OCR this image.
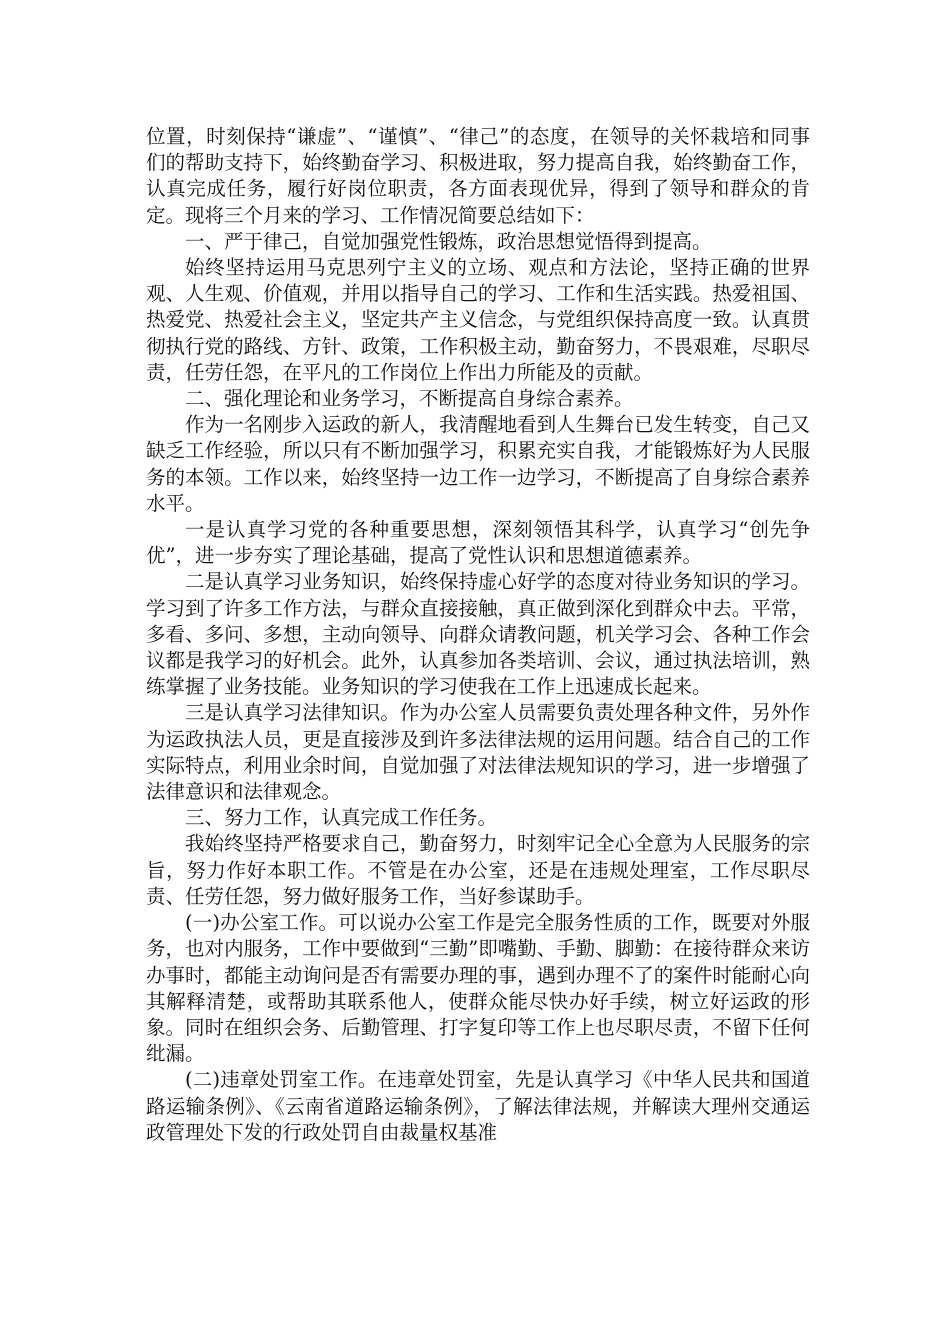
位置，时刻保持“谦虚”、“谨慎”、“律己”的态度，在领导的关怀栽培和同事们的帮助支持下，始终勤奋学习、积极进取，努力提高自我，始终勤奋工作，认真完成任务，履行好岗位职责，各方面表现优异，得到了领导和群众的肯定。现将三个月来的学习、工作情况简要总结如下：

一、严于律己，自觉加强党性锻炼，政治思想觉悟得到提高。

始终坚持运用马克思列宁主义的立场、观点和方法论，坚持正确的世界观、人生观、价值观，并用以指导自己的学习、工作和生活实践。热爱祖国、热爱党、热爱社会主义，坚定共产主义信念，与党组织保持高度一致。认真贯彻执行党的路线、方针、政策，工作积极主动，勤奋努力，不畏艰难，尽职尽责，任劳任怨，在平凡的工作岗位上作出力所能及的贡献。

二、强化理论和业务学习，不断提高自身综合素养。

作为一名刚步入运政的新人，我清醒地看到人生舞台已发生转变，自己又缺乏工作经验，所以只有不断加强学习，积累充实自我，才能锻炼好为人民服务的本领。工作以来，始终坚持一边工作一边学习，不断提高了自身综合素养水平。

一是认真学习党的各种重要思想，深刻领悟其科学，认真学习“创先争优”，进一步夯实了理论基础，提高了党性认识和思想道德素养。

二是认真学习业务知识，始终保持虚心好学的态度对待业务知识的学习。学习到了许多工作方法，与群众直接接触，真正做到深化到群众中去。平常，多看、多问、多想，主动向领导、向群众请教问题，机关学习会、各种工作会议都是我学习的好机会。此外，认真参加各类培训、会议，通过执法培训，熟练掌握了业务技能。业务知识的学习使我在工作上迅速成长起来。

三是认真学习法律知识。作为办公室人员需要负责处理各种文件，另外作为运政执法人员，更是直接涉及到许多法律法规的运用问题。结合自己的工作实际特点，利用业余时间，自觉加强了对法律法规知识的学习，进一步增强了法律意识和法律观念。

三、努力工作，认真完成工作任务。

我始终坚持严格要求自己，勤奋努力，时刻牢记全心全意为人民服务的宗旨，努力作好本职工作。不管是在办公室，还是在违规处理室，工作尽职尽责、任劳任怨，努力做好服务工作，当好参谋助手。

(一)办公室工作。可以说办公室工作是完全服务性质的工作，既要对外服务，也对内服务，工作中要做到“三勤”即嘴勤、手勤、脚勤：在接待群众来访办事时，都能主动询问是否有需要办理的事，遇到办理不了的案件时能耐心向其解释清楚，或帮助其联系他人，使群众能尽快办好手续，树立好运政的形象。同时在组织会务、后勤管理、打字复印等工作上也尽职尽责，不留下任何纰漏。

(二)违章处罚室工作。在违章处罚室，先是认真学习《中华人民共和国道路运输条例》、《云南省道路运输条例》，了解法律法规，并解读大理州交通运政管理处下发的行政处罚自由裁量权基准
